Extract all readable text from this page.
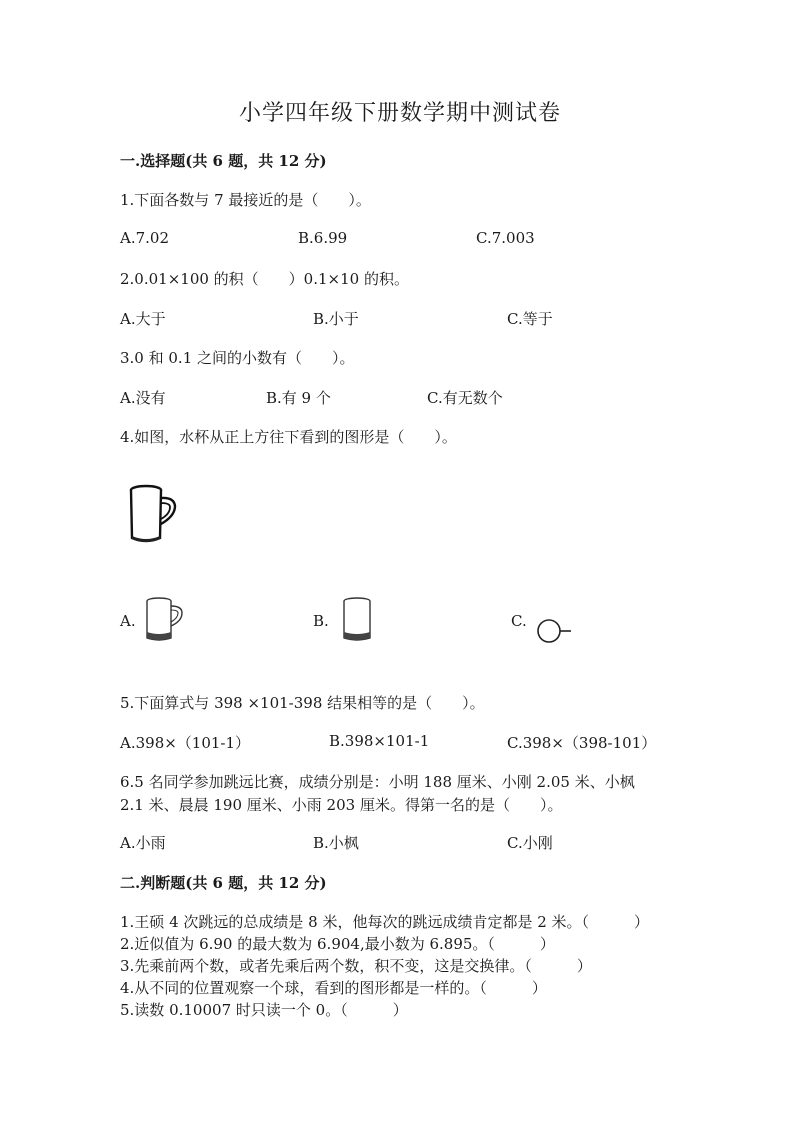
小学四年级下册数学期中测试卷
一.选择题(共 6 题，共 12 分)
1.下面各数与 7 最接近的是（　　）。
A.7.02	B.6.99	C.7.003
2.0.01×100 的积（　　）0.1×10 的积。
A.大于	B.小于	C.等于
3.0 和 0.1 之间的小数有（　　）。
A.没有	B.有 9 个	C.有无数个
4.如图，水杯从正上方往下看到的图形是（　　）。
A.	B.	C.
5.下面算式与 398 ×101-398 结果相等的是（　　）。
A.398×（101-1）	B.398×101-1	C.398×（398-101）
6.5 名同学参加跳远比赛，成绩分别是：小明 188 厘米、小刚 2.05 米、小枫
2.1 米、晨晨 190 厘米、小雨 203 厘米。得第一名的是（　　）。
A.小雨	B.小枫	C.小刚
二.判断题(共 6 题，共 12 分)
1.王硕 4 次跳远的总成绩是 8 米，他每次的跳远成绩肯定都是 2 米。（　　　）
2.近似值为 6.90 的最大数为 6.904,最小数为 6.895。（　　　）
3.先乘前两个数，或者先乘后两个数，积不变，这是交换律。（　　　）
4.从不同的位置观察一个球，看到的图形都是一样的。（　　　）
5.读数 0.10007 时只读一个 0。（　　　）
